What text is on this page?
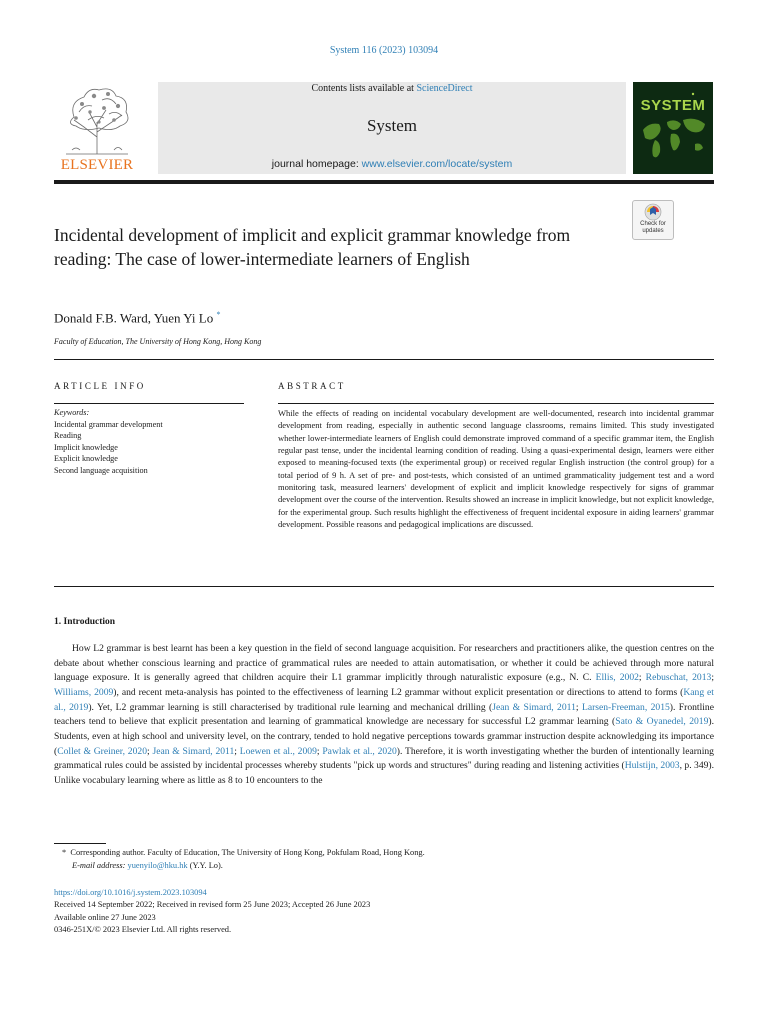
System 116 (2023) 103094
ELSEVIER
Contents lists available at ScienceDirect
System
journal homepage: www.elsevier.com/locate/system
SYSTEM
Incidental development of implicit and explicit grammar knowledge from reading: The case of lower-intermediate learners of English
Check for
updates
Donald F.B. Ward, Yuen Yi Lo *
Faculty of Education, The University of Hong Kong, Hong Kong
ARTICLE INFO	ABSTRACT
Keywords:
Incidental grammar development
Reading
Implicit knowledge
Explicit knowledge
Second language acquisition

While the effects of reading on incidental vocabulary development are well-documented, research into incidental grammar development from reading, especially in authentic second language classrooms, remains limited. This study investigated whether lower-intermediate learners of English could demonstrate improved command of a specific grammar item, the English regular past tense, under the incidental learning condition of reading. Using a quasi-experimental design, learners were either exposed to meaning-focused texts (the experimental group) or received regular English instruction (the control group) for a total period of 9 h. A set of pre- and post-tests, which consisted of an untimed grammaticality judgement test and a word monitoring task, measured learners' development of explicit and implicit knowledge respectively for signs of grammar development over the course of the intervention. Results showed an increase in implicit knowledge, but not explicit knowledge, for the experimental group. Such results highlight the effectiveness of frequent incidental exposure in aiding learners' grammar development. Possible reasons and pedagogical implications are discussed.

1. Introduction

How L2 grammar is best learnt has been a key question in the field of second language acquisition. For researchers and practitioners alike, the question centres on the debate about whether conscious learning and practice of grammatical rules are needed to attain automatisation, or whether it could be achieved through more natural language exposure. It is generally agreed that children acquire their L1 grammar implicitly through naturalistic exposure (e.g., N. C. Ellis, 2002; Rebuschat, 2013; Williams, 2009), and recent meta-analysis has pointed to the effectiveness of learning L2 grammar without explicit presentation or directions to attend to forms (Kang et al., 2019). Yet, L2 grammar learning is still characterised by traditional rule learning and mechanical drilling (Jean & Simard, 2011; Larsen-Freeman, 2015). Frontline teachers tend to believe that explicit presentation and learning of grammatical knowledge are necessary for successful L2 grammar learning (Sato & Oyanedel, 2019). Students, even at high school and university level, on the contrary, tended to hold negative perceptions towards grammar instruction despite acknowledging its importance (Collet & Greiner, 2020; Jean & Simard, 2011; Loewen et al., 2009; Pawlak et al., 2020). Therefore, it is worth investigating whether the burden of intentionally learning grammatical rules could be assisted by incidental processes whereby students "pick up words and structures" during reading and listening activities (Hulstijn, 2003, p. 349). Unlike vocabulary learning where as little as 8 to 10 encounters to the

* Corresponding author. Faculty of Education, The University of Hong Kong, Pokfulam Road, Hong Kong.
E-mail address: yuenyilo@hku.hk (Y.Y. Lo).
https://doi.org/10.1016/j.system.2023.103094
Received 14 September 2022; Received in revised form 25 June 2023; Accepted 26 June 2023
Available online 27 June 2023
0346-251X/© 2023 Elsevier Ltd. All rights reserved.
